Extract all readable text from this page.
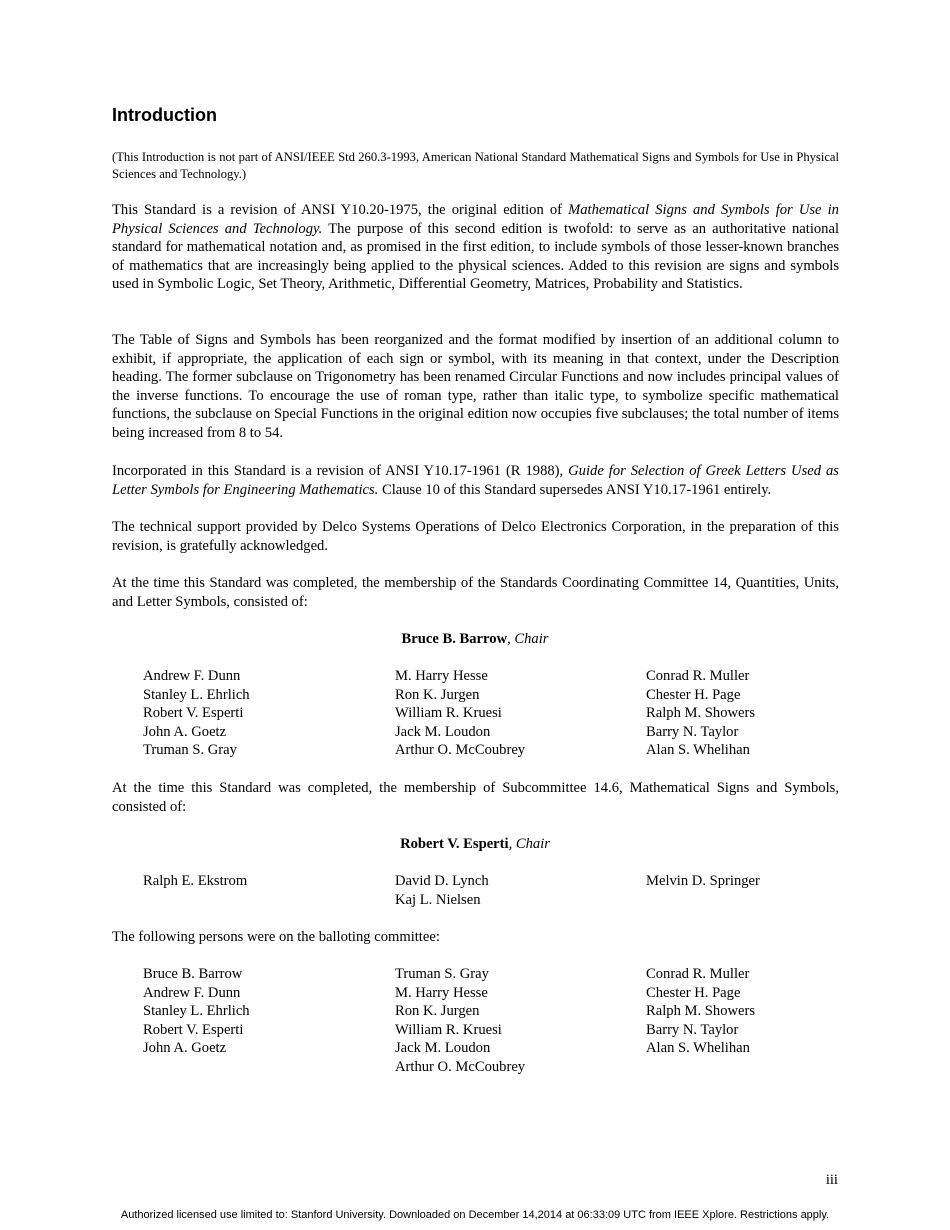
Introduction

(This Introduction is not part of ANSI/IEEE Std 260.3-1993, American National Standard Mathematical Signs and Symbols for Use in Physical Sciences and Technology.)

This Standard is a revision of ANSI Y10.20-1975, the original edition of Mathematical Signs and Symbols for Use in Physical Sciences and Technology. The purpose of this second edition is twofold: to serve as an authoritative national standard for mathematical notation and, as promised in the first edition, to include symbols of those lesser-known branches of mathematics that are increasingly being applied to the physical sciences. Added to this revision are signs and symbols used in Symbolic Logic, Set Theory, Arithmetic, Differential Geometry, Matrices, Probability and Statistics.

The Table of Signs and Symbols has been reorganized and the format modified by insertion of an additional column to exhibit, if appropriate, the application of each sign or symbol, with its meaning in that context, under the Description heading. The former subclause on Trigonometry has been renamed Circular Functions and now includes principal values of the inverse functions. To encourage the use of roman type, rather than italic type, to symbolize specific mathematical functions, the subclause on Special Functions in the original edition now occupies five subclauses; the total number of items being increased from 8 to 54.

Incorporated in this Standard is a revision of ANSI Y10.17-1961 (R 1988), Guide for Selection of Greek Letters Used as Letter Symbols for Engineering Mathematics. Clause 10 of this Standard supersedes ANSI Y10.17-1961 entirely.

The technical support provided by Delco Systems Operations of Delco Electronics Corporation, in the preparation of this revision, is gratefully acknowledged.

At the time this Standard was completed, the membership of the Standards Coordinating Committee 14, Quantities, Units, and Letter Symbols, consisted of:

Bruce B. Barrow, Chair
Andrew F. Dunn
Stanley L. Ehrlich
Robert V. Esperti
John A. Goetz
Truman S. Gray
M. Harry Hesse
Ron K. Jurgen
William R. Kruesi
Jack M. Loudon
Arthur O. McCoubrey
Conrad R. Muller
Chester H. Page
Ralph M. Showers
Barry N. Taylor
Alan S. Whelihan

At the time this Standard was completed, the membership of Subcommittee 14.6, Mathematical Signs and Symbols, consisted of:

Robert V. Esperti, Chair
Ralph E. Ekstrom	David D. Lynch
Kaj L. Nielsen
Melvin D. Springer

The following persons were on the balloting committee:

Bruce B. Barrow
Andrew F. Dunn
Stanley L. Ehrlich
Robert V. Esperti
John A. Goetz
Truman S. Gray
M. Harry Hesse
Ron K. Jurgen
William R. Kruesi
Jack M. Loudon
Arthur O. McCoubrey
Conrad R. Muller
Chester H. Page
Ralph M. Showers
Barry N. Taylor
Alan S. Whelihan
iii
Authorized licensed use limited to: Stanford University. Downloaded on December 14,2014 at 06:33:09 UTC from IEEE Xplore. Restrictions apply.
